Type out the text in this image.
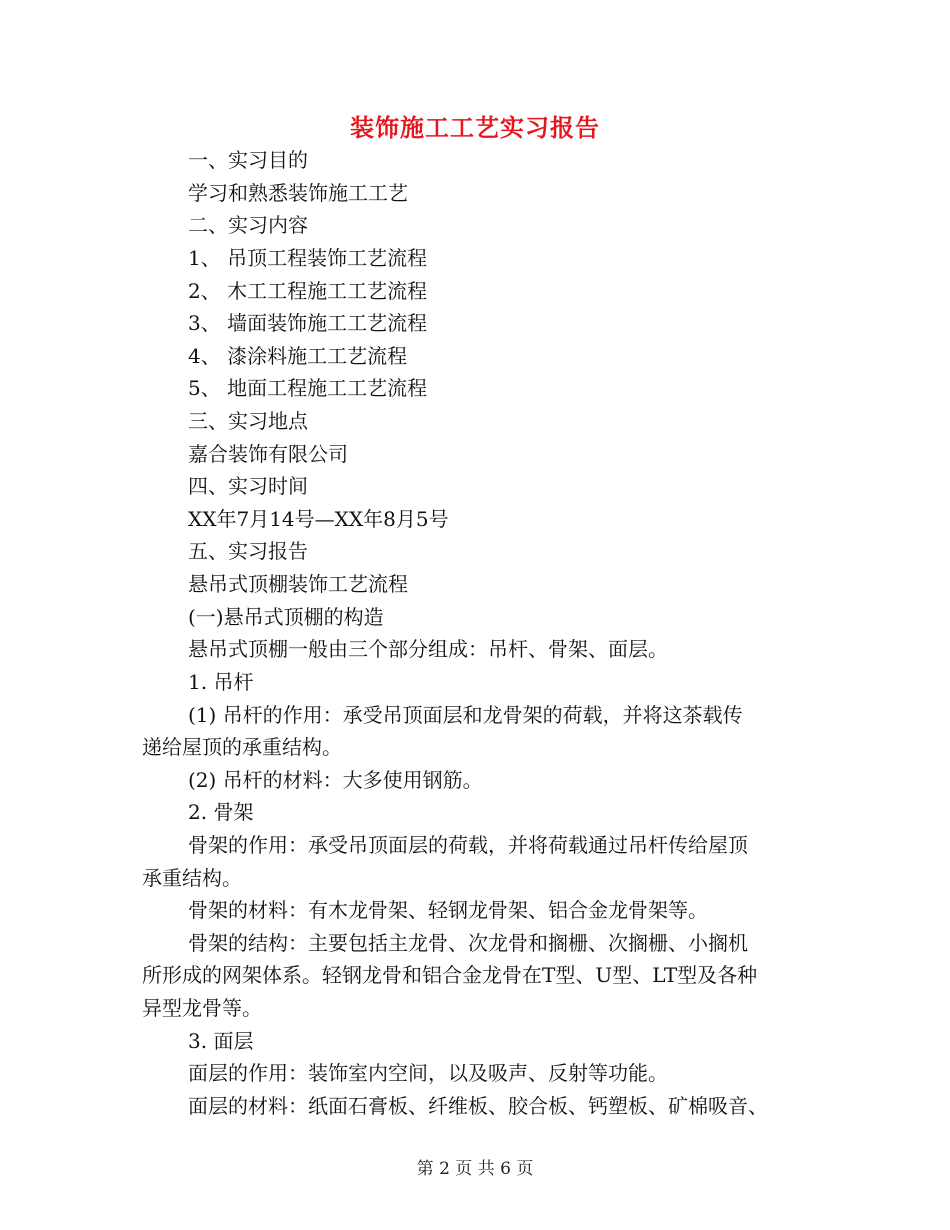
装饰施工工艺实习报告
一、实习目的
学习和熟悉装饰施工工艺
二、实习内容
1、 吊顶工程装饰工艺流程
2、 木工工程施工工艺流程
3、 墙面装饰施工工艺流程
4、 漆涂料施工工艺流程
5、 地面工程施工工艺流程
三、实习地点
嘉合装饰有限公司
四、实习时间
XX年7月14号—XX年8月5号
五、实习报告
悬吊式顶棚装饰工艺流程
(一)悬吊式顶棚的构造
悬吊式顶棚一般由三个部分组成：吊杆、骨架、面层。
1. 吊杆
(1) 吊杆的作用：承受吊顶面层和龙骨架的荷载，并将这茶载传
递给屋顶的承重结构。
(2) 吊杆的材料：大多使用钢筋。
2. 骨架
骨架的作用：承受吊顶面层的荷载，并将荷载通过吊杆传给屋顶
承重结构。
骨架的材料：有木龙骨架、轻钢龙骨架、铝合金龙骨架等。
骨架的结构：主要包括主龙骨、次龙骨和搁栅、次搁栅、小搁机
所形成的网架体系。轻钢龙骨和铝合金龙骨在T型、U型、LT型及各种
异型龙骨等。
3. 面层
面层的作用：装饰室内空间，以及吸声、反射等功能。
面层的材料：纸面石膏板、纤维板、胶合板、钙塑板、矿棉吸音、
第 2 页 共 6 页
